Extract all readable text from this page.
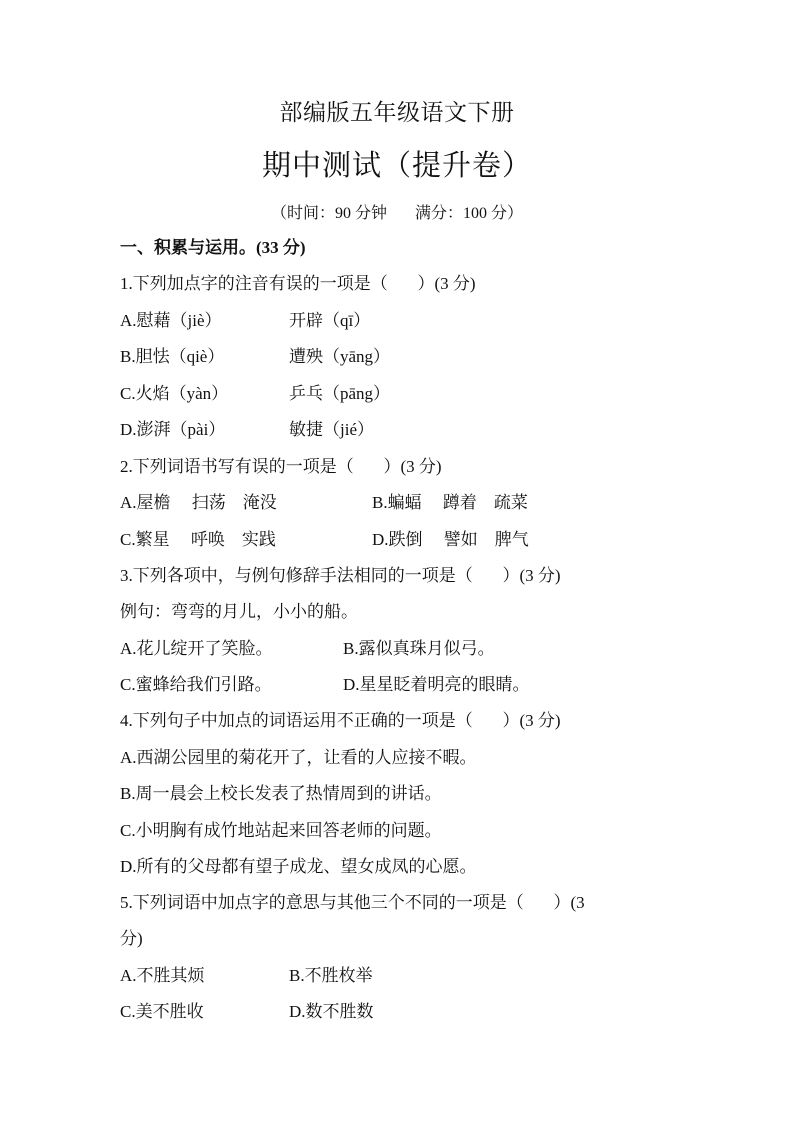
部编版五年级语文下册
期中测试（提升卷）
（时间：90 分钟       满分：100 分）
一、积累与运用。(33 分)
1.下列加点字的注音有误的一项是（       ）(3 分)
A.慰藉（jiè）	开辟（qī）
B.胆怯（qiè）	遭殃（yāng）
C.火焰（yàn）	乒乓（pāng）
D.澎湃（pài）	敏捷（jié）
2.下列词语书写有误的一项是（       ）(3 分)
A.屋檐     扫荡    淹没	B.蝙蝠     蹲着    疏菜
C.繁星     呼唤    实践	D.跌倒     譬如    脾气
3.下列各项中，与例句修辞手法相同的一项是（       ）(3 分)
例句：弯弯的月儿，小小的船。
A.花儿绽开了笑脸。	B.露似真珠月似弓。
C.蜜蜂给我们引路。	D.星星眨着明亮的眼睛。
4.下列句子中加点的词语运用不正确的一项是（       ）(3 分)
A.西湖公园里的菊花开了，让看的人应接不暇。
B.周一晨会上校长发表了热情周到的讲话。
C.小明胸有成竹地站起来回答老师的问题。
D.所有的父母都有望子成龙、望女成凤的心愿。
5.下列词语中加点字的意思与其他三个不同的一项是（       ）(3
分)
A.不胜其烦	B.不胜枚举
C.美不胜收	D.数不胜数
